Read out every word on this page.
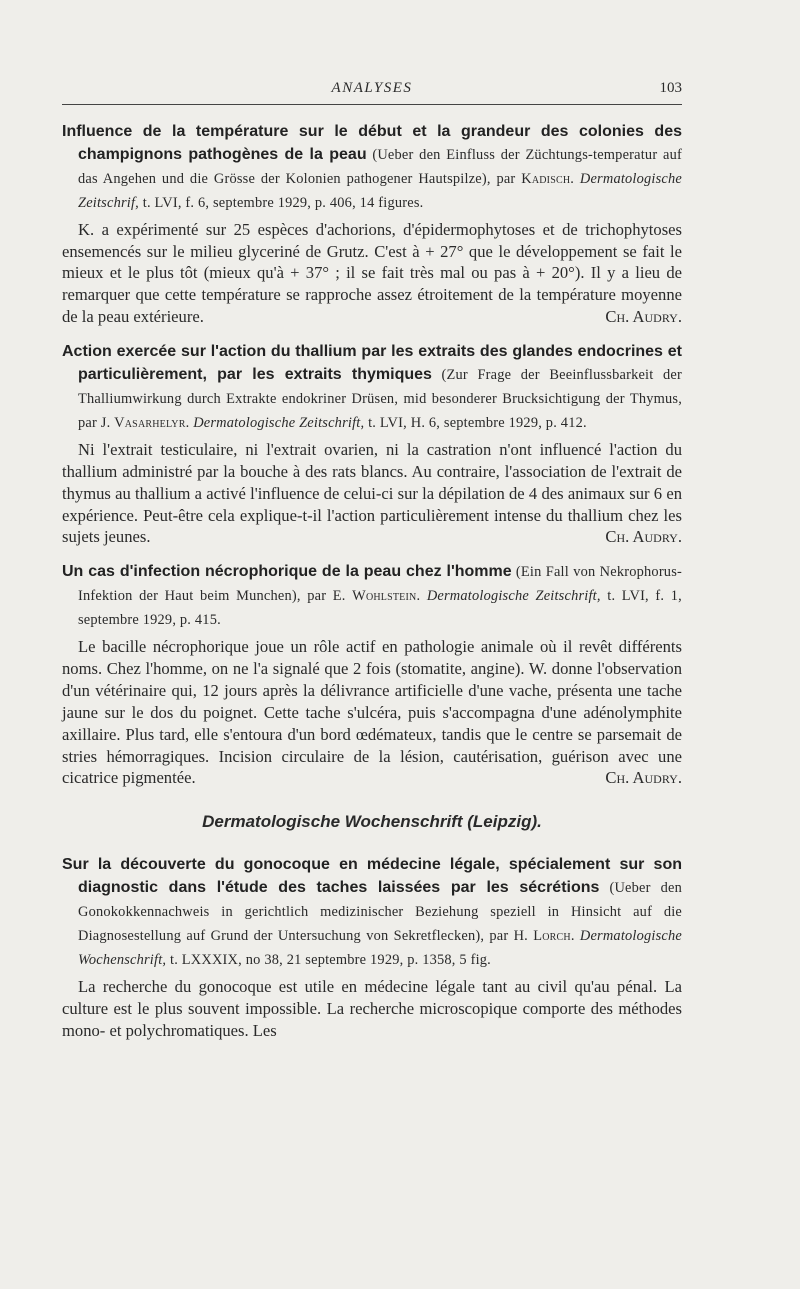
ANALYSES	103
Influence de la température sur le début et la grandeur des colonies des champignons pathogènes de la peau (Ueber den Einfluss der Züchtungs-temperatur auf das Angehen und die Grösse der Kolonien pathogener Hautspilze), par Kadisch. Dermatologische Zeitschrif, t. LVI, f. 6, septembre 1929, p. 406, 14 figures.

K. a expérimenté sur 25 espèces d'achorions, d'épidermophytoses et de trichophytoses ensemencés sur le milieu glyceriné de Grutz. C'est à + 27° que le développement se fait le mieux et le plus tôt (mieux qu'à + 37° ; il se fait très mal ou pas à + 20°). Il y a lieu de remarquer que cette température se rapproche assez étroitement de la température moyenne de la peau extérieure.	Ch. Audry.

Action exercée sur l'action du thallium par les extraits des glandes endocrines et particulièrement, par les extraits thymiques (Zur Frage der Beeinflussbarkeit der Thalliumwirkung durch Extrakte endokriner Drüsen, mid besonderer Brucksichtigung der Thymus, par J. Vasarhelyr. Dermatologische Zeitschrift, t. LVI, H. 6, septembre 1929, p. 412.

Ni l'extrait testiculaire, ni l'extrait ovarien, ni la castration n'ont influencé l'action du thallium administré par la bouche à des rats blancs. Au contraire, l'association de l'extrait de thymus au thallium a activé l'influence de celui-ci sur la dépilation de 4 des animaux sur 6 en expérience. Peut-être cela explique-t-il l'action particulièrement intense du thallium chez les sujets jeunes.	Ch. Audry.

Un cas d'infection nécrophorique de la peau chez l'homme (Ein Fall von Nekrophorus-Infektion der Haut beim Munchen), par E. Wohlstein. Dermatologische Zeitschrift, t. LVI, f. 1, septembre 1929, p. 415.

Le bacille nécrophorique joue un rôle actif en pathologie animale où il revêt différents noms. Chez l'homme, on ne l'a signalé que 2 fois (stomatite, angine). W. donne l'observation d'un vétérinaire qui, 12 jours après la délivrance artificielle d'une vache, présenta une tache jaune sur le dos du poignet. Cette tache s'ulcéra, puis s'accompagna d'une adénolymphite axillaire. Plus tard, elle s'entoura d'un bord œdémateux, tandis que le centre se parsemait de stries hémorragiques. Incision circulaire de la lésion, cautérisation, guérison avec une cicatrice pigmentée.	Ch. Audry.

Dermatologische Wochenschrift (Leipzig).
Sur la découverte du gonocoque en médecine légale, spécialement sur son diagnostic dans l'étude des taches laissées par les sécrétions (Ueber den Gonokokkennachweis in gerichtlich medizinischer Beziehung speziell in Hinsicht auf die Diagnosestellung auf Grund der Untersuchung von Sekretflecken), par H. Lorch. Dermatologische Wochenschrift, t. LXXXIX, no 38, 21 septembre 1929, p. 1358, 5 fig.

La recherche du gonocoque est utile en médecine légale tant au civil qu'au pénal. La culture est le plus souvent impossible. La recherche microscopique comporte des méthodes mono- et polychromatiques. Les
